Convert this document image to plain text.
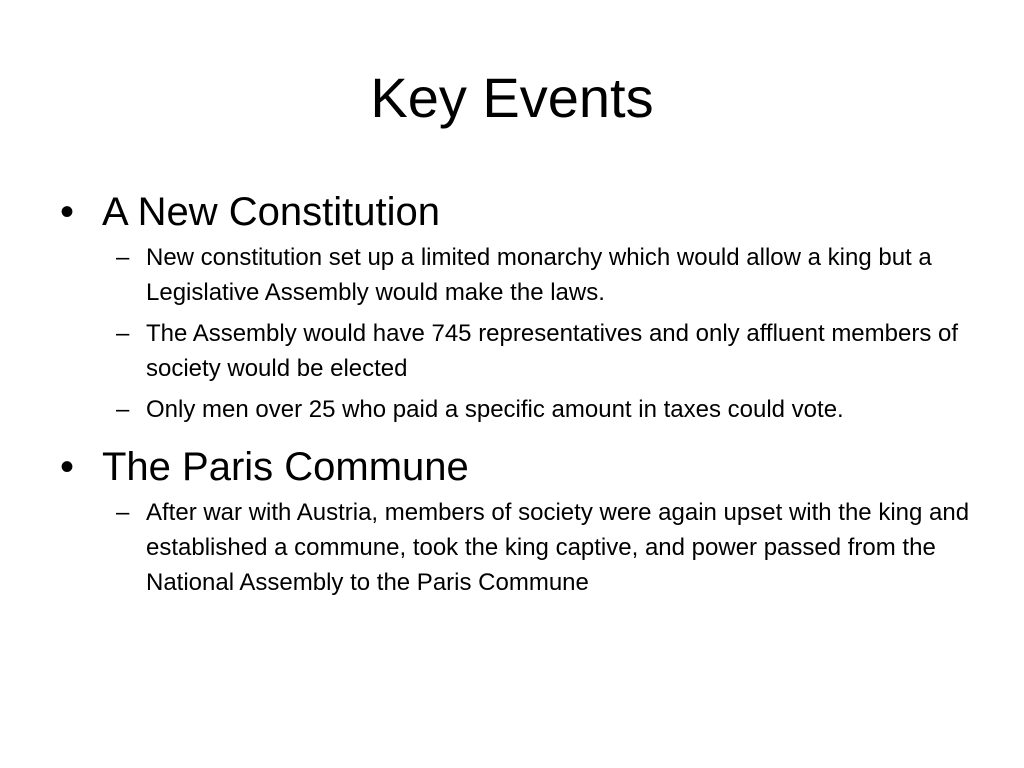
Key Events
• A New Constitution
– New constitution set up a limited monarchy which would allow a king but a Legislative Assembly would make the laws.
– The Assembly would have 745 representatives and only affluent members of society would be elected
– Only men over 25 who paid a specific amount in taxes could vote.
• The Paris Commune
– After war with Austria, members of society were again upset with the king and established a commune, took the king captive, and power passed from the National Assembly to the Paris Commune
